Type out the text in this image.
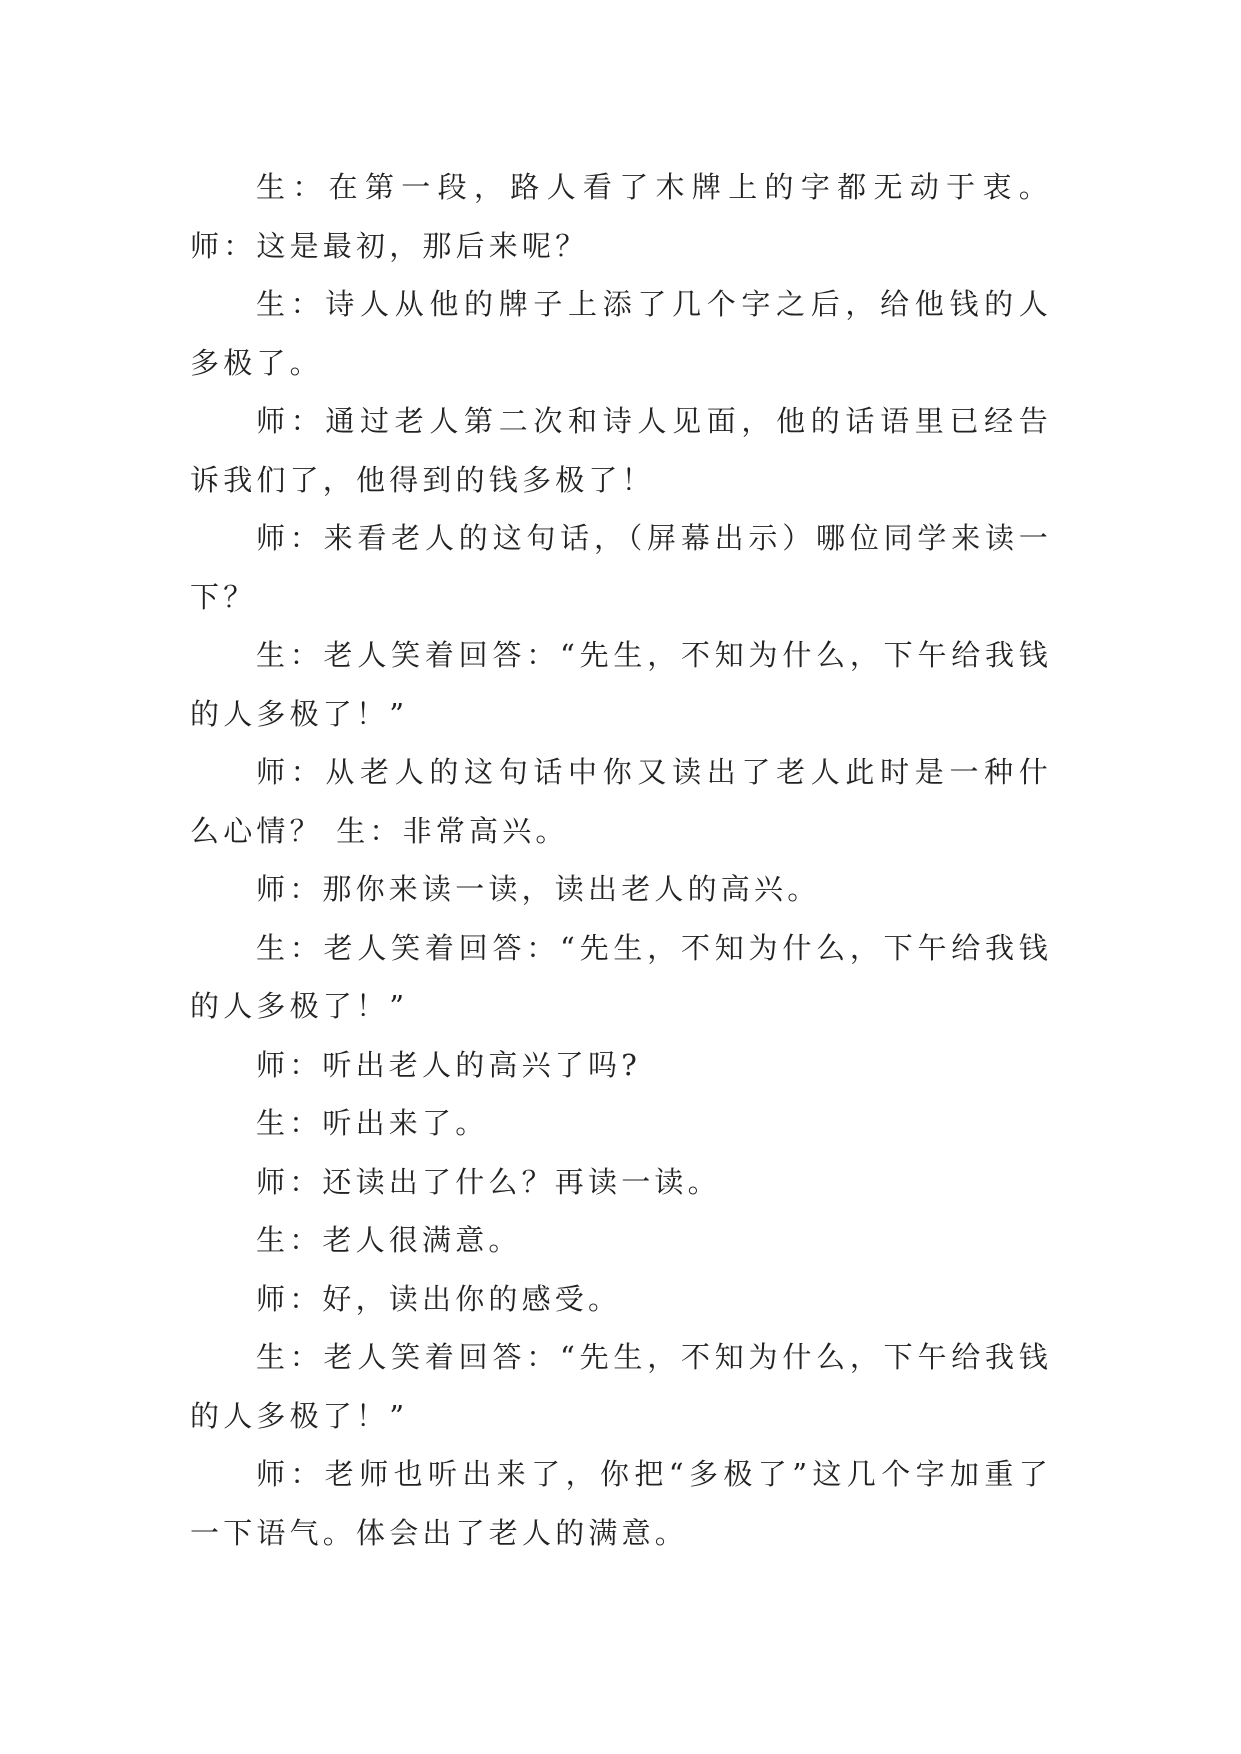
生：在第一段，路人看了木牌上的字都无动于衷。 师：这是最初，那后来呢？

生：诗人从他的牌子上添了几个字之后，给他钱的人多极了。

师：通过老人第二次和诗人见面，他的话语里已经告诉我们了，他得到的钱多极了！

师：来看老人的这句话，（屏幕出示）哪位同学来读一下？

生：老人笑着回答：“先生，不知为什么，下午给我钱的人多极了！”

师：从老人的这句话中你又读出了老人此时是一种什么心情？ 生：非常高兴。

师：那你来读一读，读出老人的高兴。

生：老人笑着回答：“先生，不知为什么，下午给我钱的人多极了！”

师：听出老人的高兴了吗?

生：听出来了。

师：还读出了什么？再读一读。

生：老人很满意。

师：好，读出你的感受。

生：老人笑着回答：“先生，不知为什么，下午给我钱的人多极了！”

师：老师也听出来了，你把“多极了”这几个字加重了一下语气。体会出了老人的满意。
